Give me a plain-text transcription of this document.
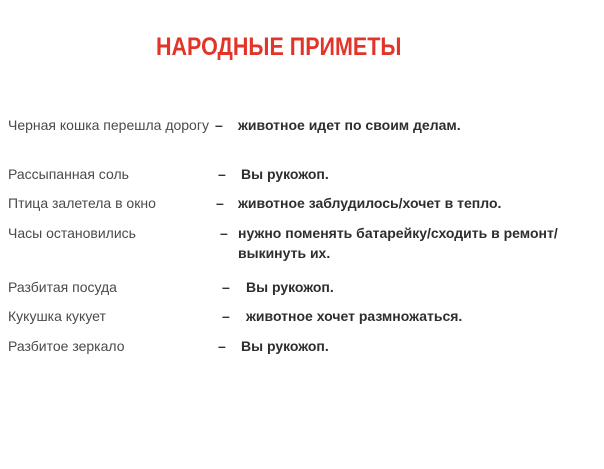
НАРОДНЫЕ ПРИМЕТЫ
Черная кошка перешла дорогу – животное идет по своим делам.
Рассыпанная соль	– Вы рукожоп.
Птица залетела в окно	– животное заблудилось/хочет в тепло.
Часы остановились	– нужно поменять батарейку/сходить в ремонт/выкинуть их.
Разбитая посуда	– Вы рукожоп.
Кукушка кукует	– животное хочет размножаться.
Разбитое зеркало	– Вы рукожоп.
